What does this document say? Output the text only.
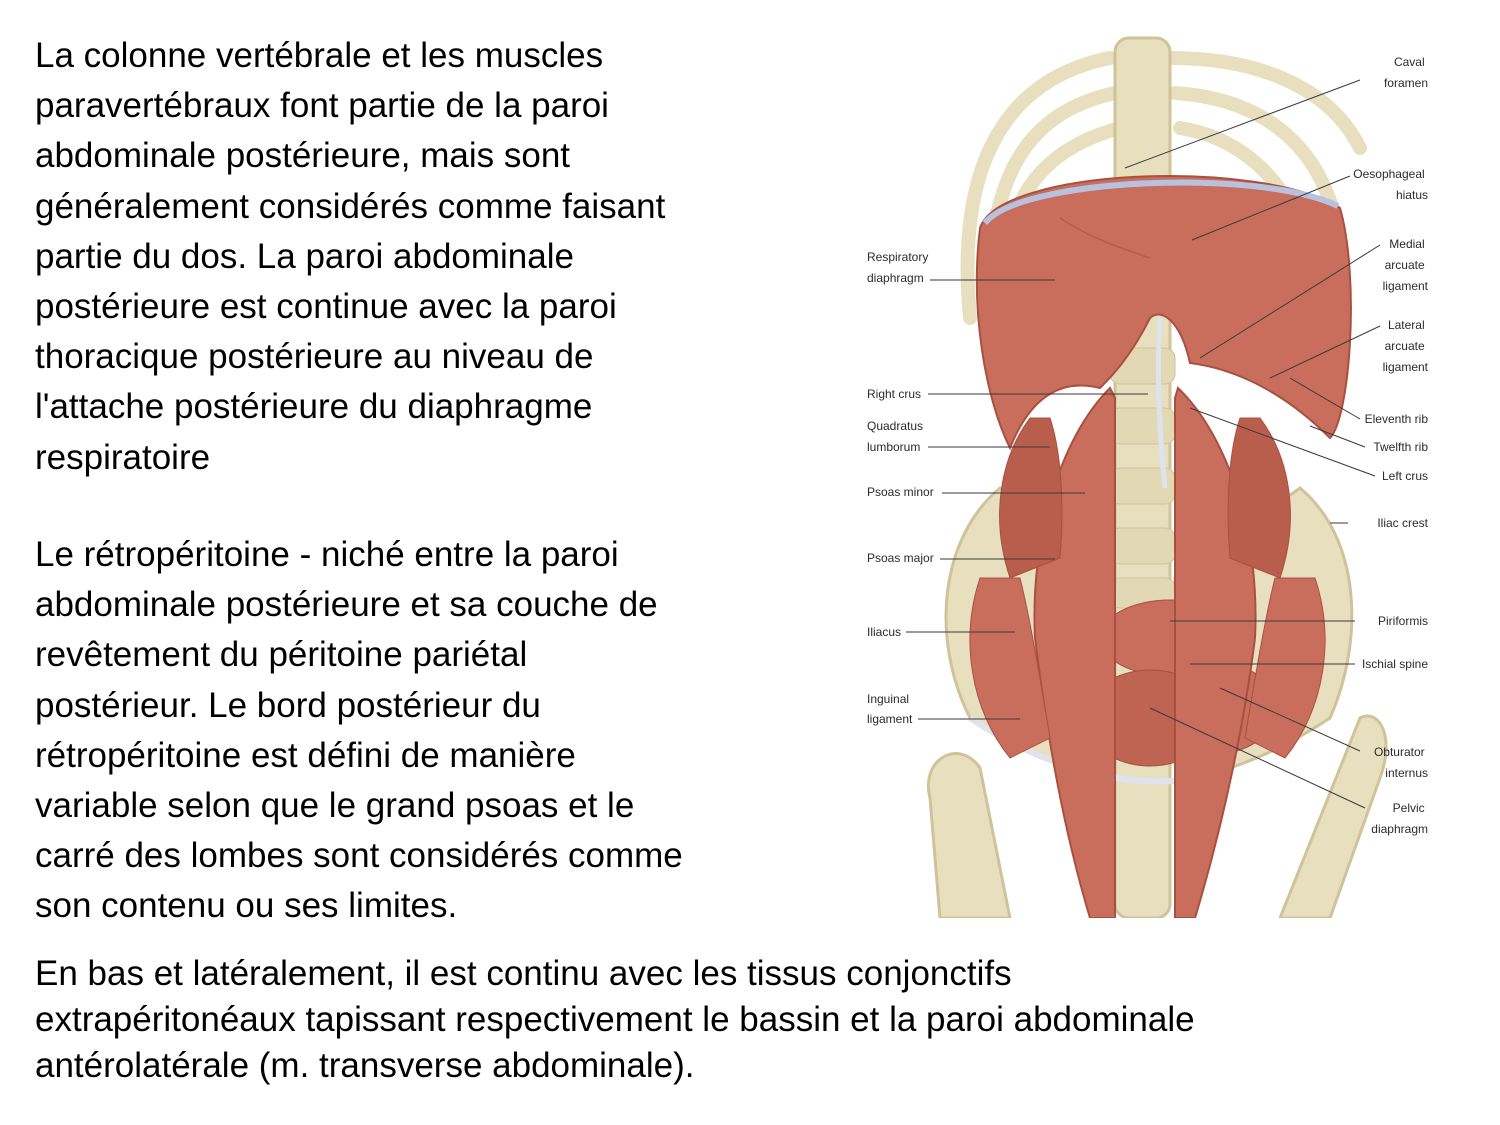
La colonne vertébrale et les muscles
paravertébraux font partie de la paroi
abdominale postérieure, mais sont
généralement considérés comme faisant
partie du dos. La paroi abdominale
postérieure est continue avec la paroi
thoracique postérieure au niveau de
l'attache postérieure du diaphragme
respiratoire

Le rétropéritoine - niché entre la paroi
abdominale postérieure et sa couche de
revêtement du péritoine pariétal
postérieur. Le bord postérieur du
rétropéritoine est défini de manière
variable selon que le grand psoas et le
carré des lombes sont considérés comme
son contenu ou ses limites.

En bas et latéralement, il est continu avec les tissus conjonctifs
extrapéritonéaux tapissant respectivement le bassin et la paroi abdominale
antérolatérale (m. transverse abdominale).

Respiratory diaphragm
Right crus
Quadratus lumborum
Psoas minor
Psoas major
Iliacus
Inguinal ligament
Caval foramen
Oesophageal hiatus
Medial arcuate ligament
Lateral arcuate ligament
Eleventh rib
Twelfth rib
Left crus
Iliac crest
Piriformis
Ischial spine
Obturator internus
Pelvic diaphragm
